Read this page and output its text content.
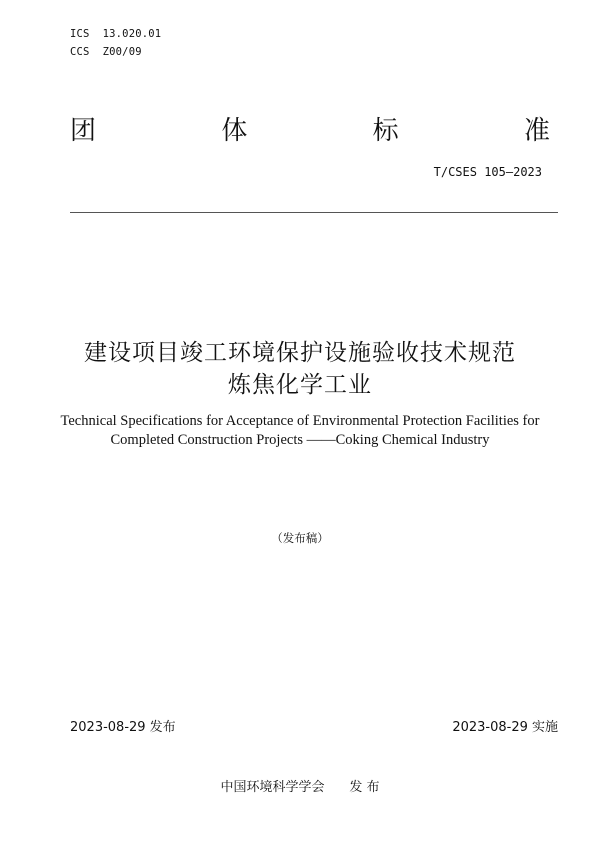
ICS  13.020.01
CCS  Z00/09
团	体	标	准
T/CSES 105—2023
建设项目竣工环境保护设施验收技术规范
炼焦化学工业
Technical Specifications for Acceptance of Environmental Protection Facilities for
Completed Construction Projects ——Coking Chemical Industry
（发布稿）
2023-08-29 发布	2023-08-29 实施
中国环境科学学会 发 布
